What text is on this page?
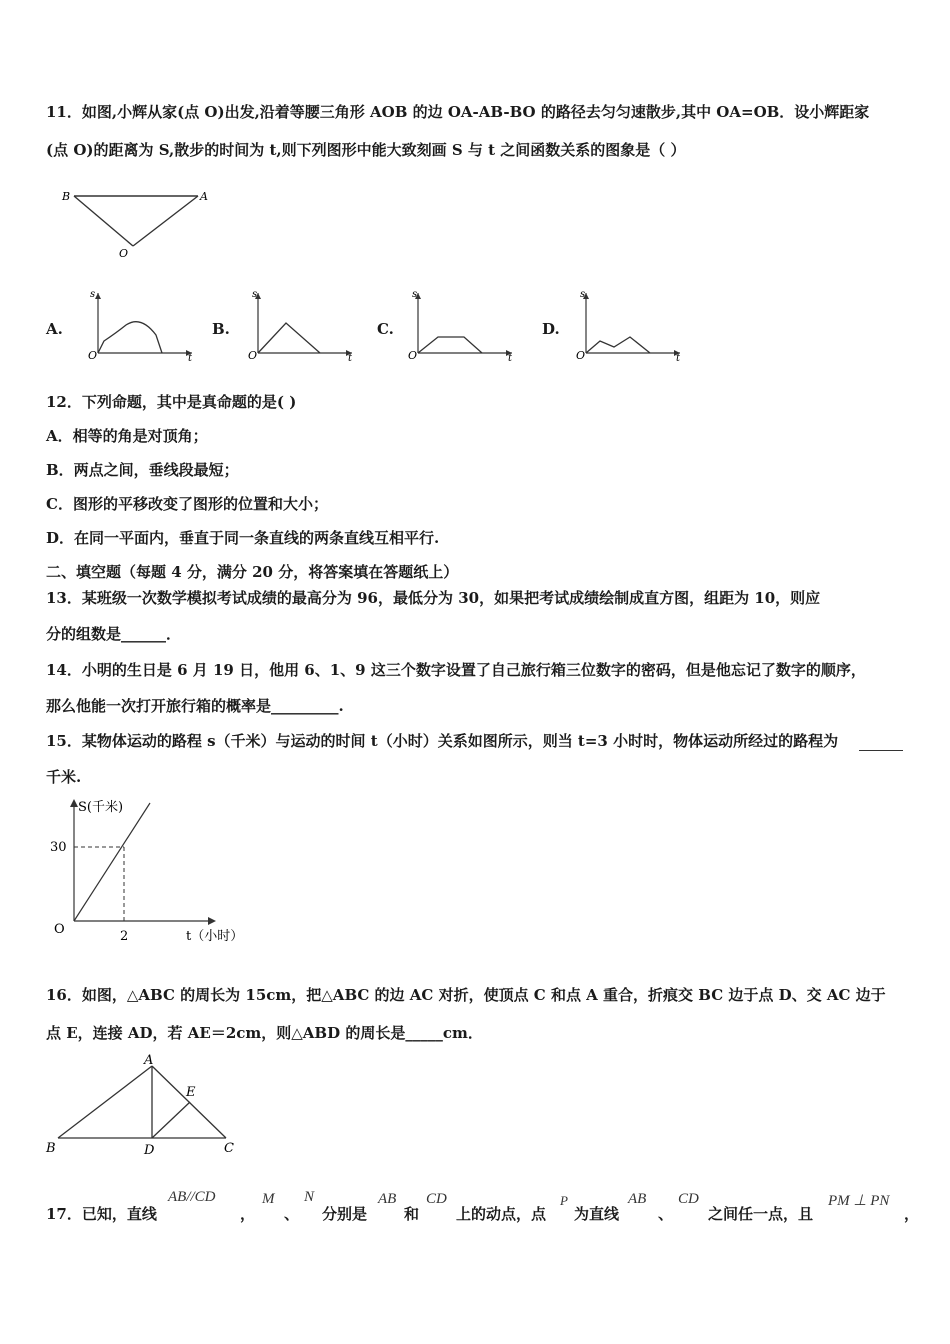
11．如图,小辉从家(点 O)出发,沿着等腰三角形 AOB 的边 OA-AB-BO 的路径去匀匀速散步,其中 OA=OB．设小辉距家
(点 O)的距离为 S,散步的时间为 t,则下列图形中能大致刻画 S 与 t 之间函数关系的图象是（ ）
B	A
O
A.
s
O	t
B.
s
O	t
C.
s
O	t
D.
s
O	t
12．下列命题，其中是真命题的是( )
A．相等的角是对顶角；
B．两点之间，垂线段最短；
C．图形的平移改变了图形的位置和大小；
D．在同一平面内，垂直于同一条直线的两条直线互相平行.
二、填空题（每题 4 分，满分 20 分，将答案填在答题纸上）
13．某班级一次数学模拟考试成绩的最高分为 96，最低分为 30，如果把考试成绩绘制成直方图，组距为 10，则应
分的组数是______．
14．小明的生日是 6 月 19 日，他用 6、1、9 这三个数字设置了自己旅行箱三位数字的密码，但是他忘记了数字的顺序，
那么他能一次打开旅行箱的概率是_________.
15．某物体运动的路程 s（千米）与运动的时间 t（小时）关系如图所示，则当 t=3 小时时，物体运动所经过的路程为
千米.
S(千米)
30
2
O	t（小时）
16．如图，△ABC 的周长为 15cm，把△ABC 的边 AC 对折，使顶点 C 和点 A 重合，折痕交 BC 边于点 D、交 AC 边于
点 E，连接 AD，若 AE＝2cm，则△ABD 的周长是_____cm．
A
B	C
D
E
17．已知，直线
AB//CD
，
M
、
N
分别是
AB
和
CD
上的动点，点
P
为直线
AB
、
CD
之间任一点，且
PM ⊥ PN
，
